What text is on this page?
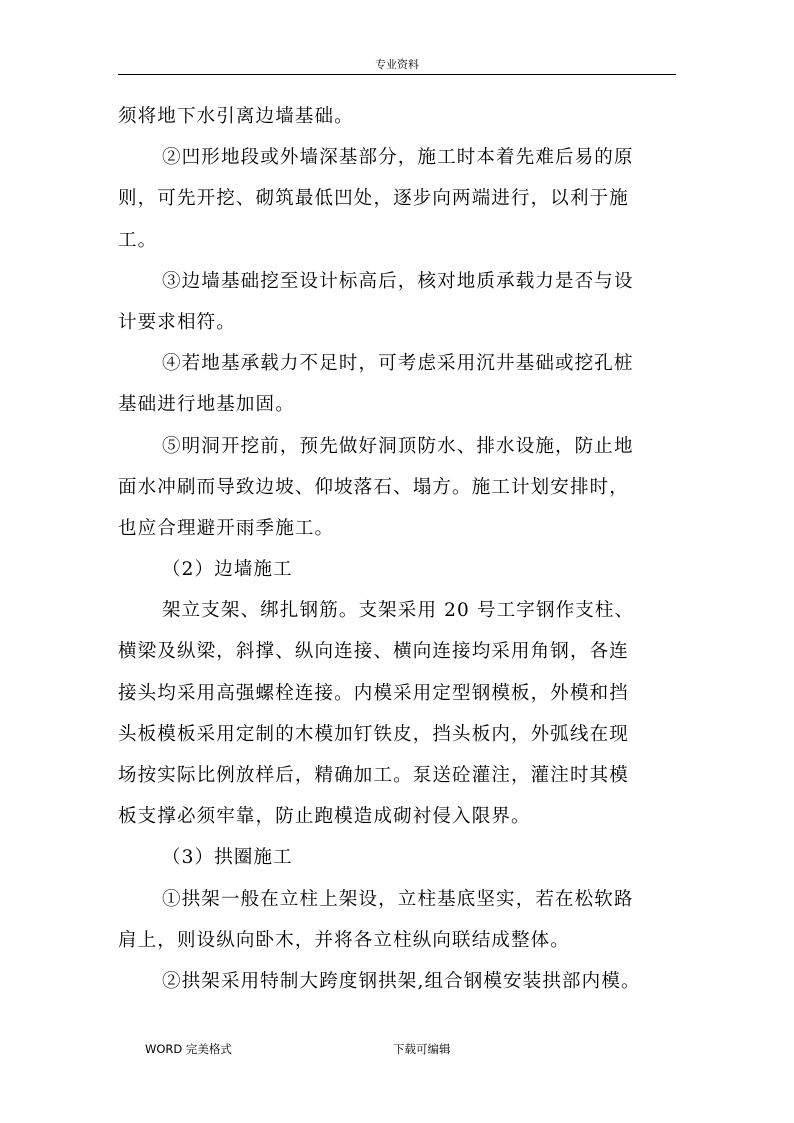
专业资料
须将地下水引离边墙基础。
②凹形地段或外墙深基部分，施工时本着先难后易的原
则，可先开挖、砌筑最低凹处，逐步向两端进行，以利于施
工。
③边墙基础挖至设计标高后，核对地质承载力是否与设
计要求相符。
④若地基承载力不足时，可考虑采用沉井基础或挖孔桩
基础进行地基加固。
⑤明洞开挖前，预先做好洞顶防水、排水设施，防止地
面水冲刷而导致边坡、仰坡落石、塌方。施工计划安排时，
也应合理避开雨季施工。
（2）边墙施工
架立支架、绑扎钢筋。支架采用 20 号工字钢作支柱、
横梁及纵梁，斜撑、纵向连接、横向连接均采用角钢，各连
接头均采用高强螺栓连接。内模采用定型钢模板，外模和挡
头板模板采用定制的木模加钉铁皮，挡头板内，外弧线在现
场按实际比例放样后，精确加工。泵送砼灌注，灌注时其模
板支撑必须牢靠，防止跑模造成砌衬侵入限界。
（3）拱圈施工
①拱架一般在立柱上架设，立柱基底坚实，若在松软路
肩上，则设纵向卧木，并将各立柱纵向联结成整体。
②拱架采用特制大跨度钢拱架,组合钢模安装拱部内模。
WORD 完美格式	下载可编辑
